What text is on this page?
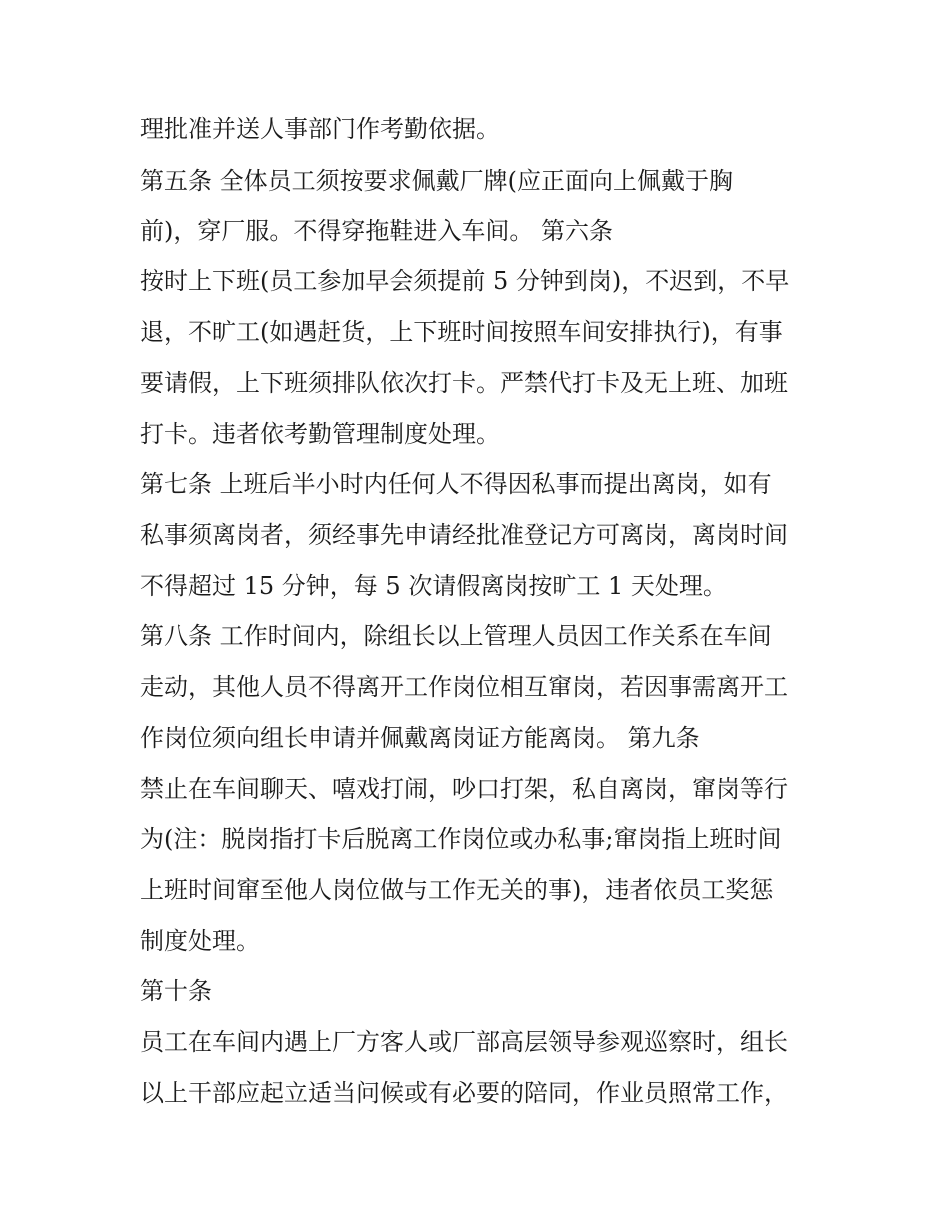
理批准并送人事部门作考勤依据。
第五条 全体员工须按要求佩戴厂牌(应正面向上佩戴于胸
前)，穿厂服。不得穿拖鞋进入车间。 第六条
按时上下班(员工参加早会须提前 5 分钟到岗)，不迟到，不早
退，不旷工(如遇赶货，上下班时间按照车间安排执行)，有事
要请假，上下班须排队依次打卡。严禁代打卡及无上班、加班
打卡。违者依考勤管理制度处理。
第七条 上班后半小时内任何人不得因私事而提出离岗，如有
私事须离岗者，须经事先申请经批准登记方可离岗，离岗时间
不得超过 15 分钟，每 5 次请假离岗按旷工 1 天处理。
第八条 工作时间内，除组长以上管理人员因工作关系在车间
走动，其他人员不得离开工作岗位相互窜岗，若因事需离开工
作岗位须向组长申请并佩戴离岗证方能离岗。 第九条
禁止在车间聊天、嘻戏打闹，吵口打架，私自离岗，窜岗等行
为(注：脱岗指打卡后脱离工作岗位或办私事;窜岗指上班时间
上班时间窜至他人岗位做与工作无关的事)，违者依员工奖惩
制度处理。
第十条
员工在车间内遇上厂方客人或厂部高层领导参观巡察时，组长
以上干部应起立适当问候或有必要的陪同，作业员照常工作，
